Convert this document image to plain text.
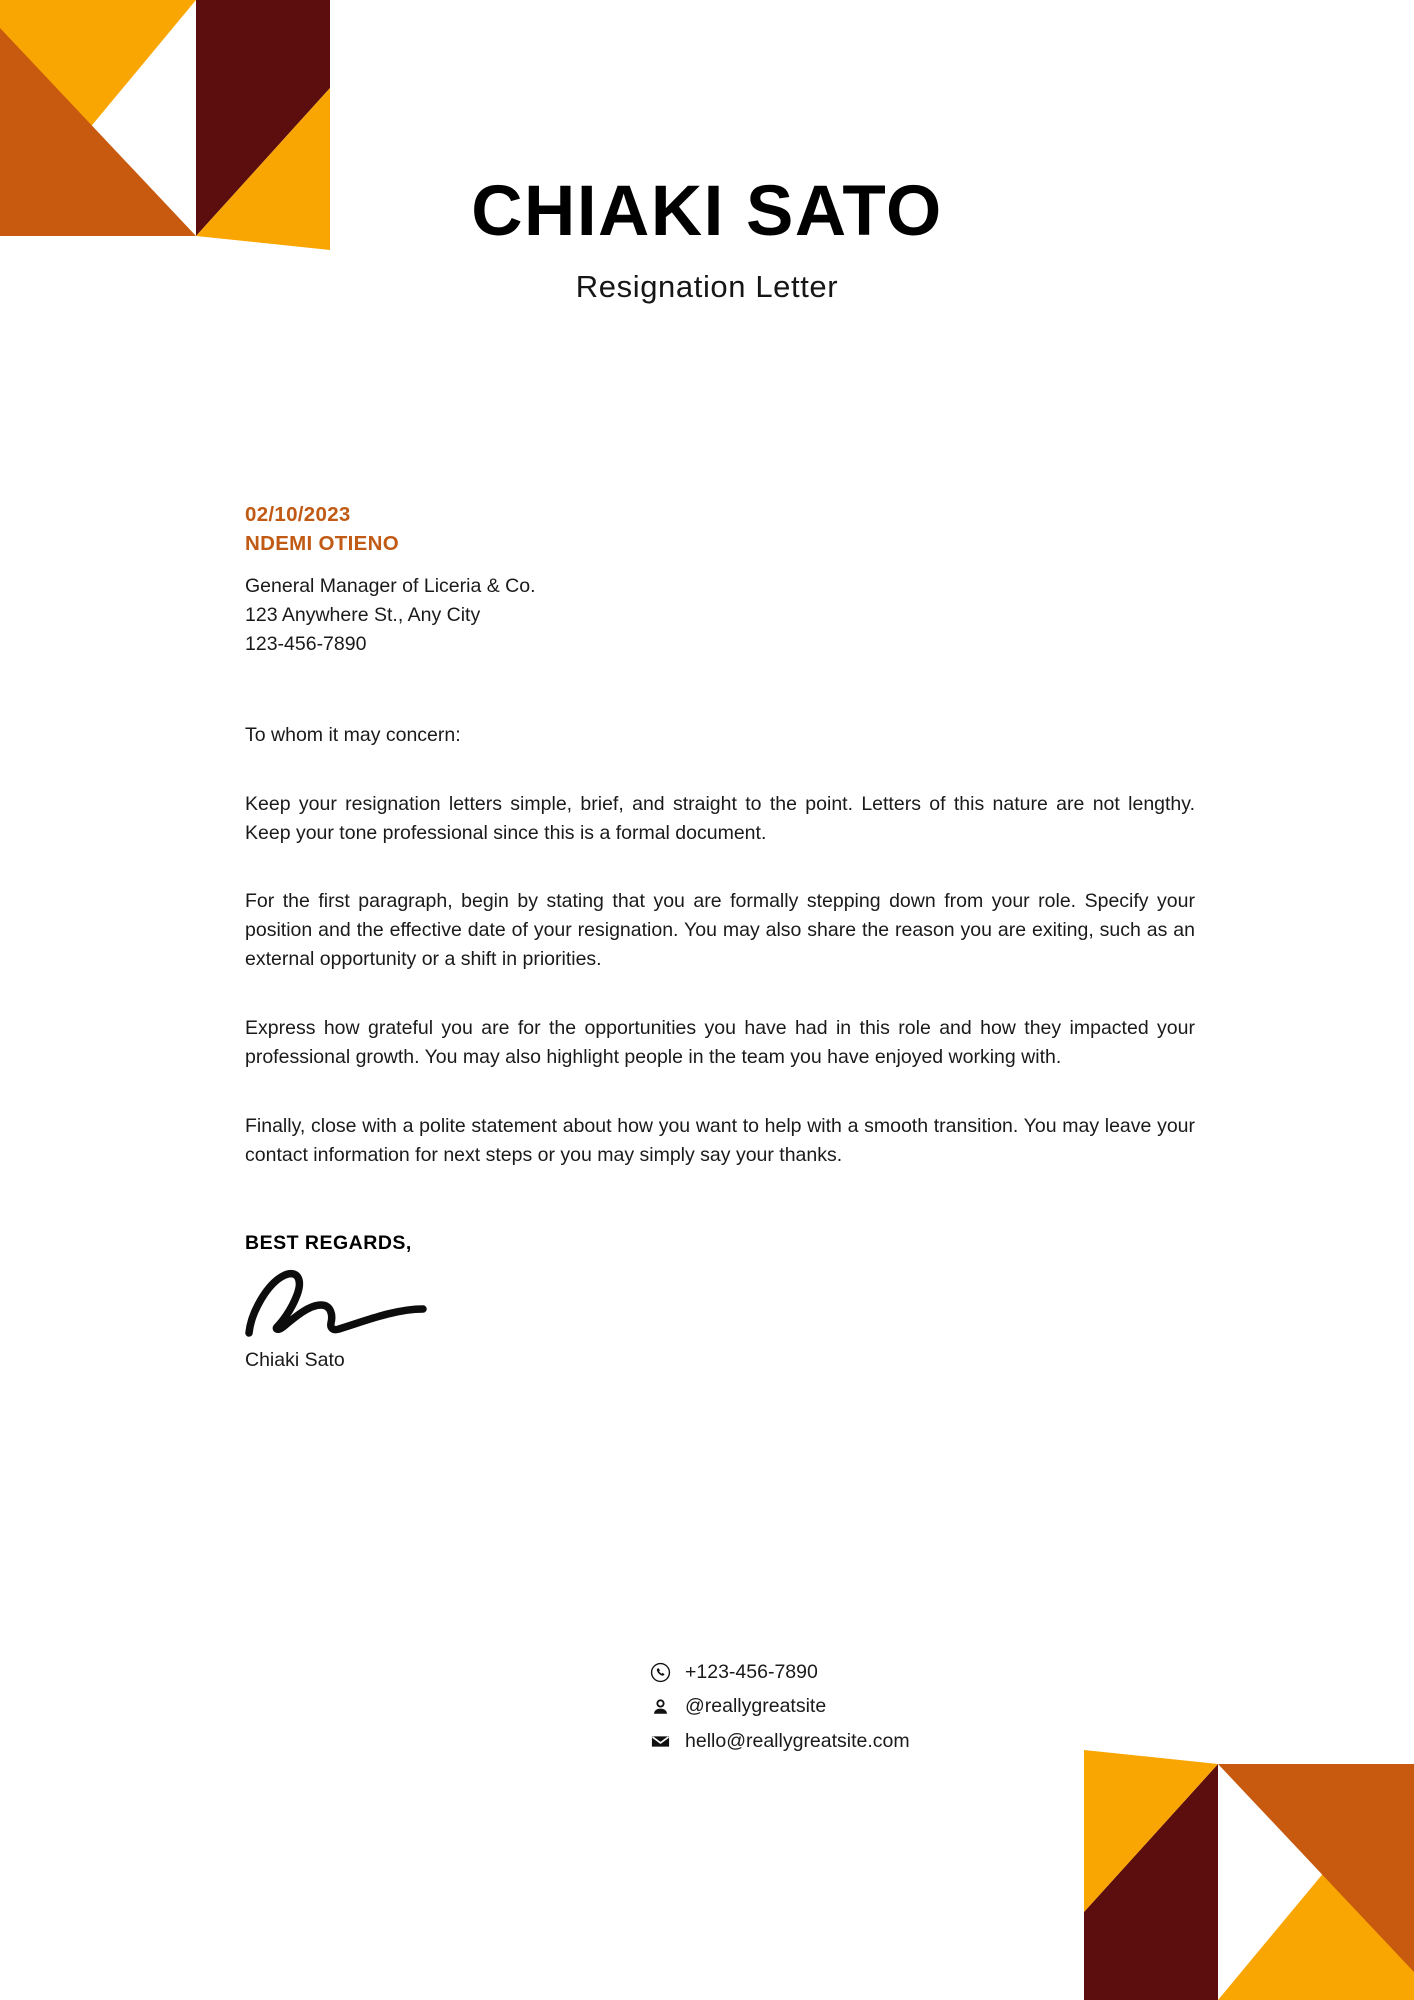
CHIAKI SATO

Resignation Letter

02/10/2023

NDEMI OTIENO

General Manager of Liceria & Co.

123 Anywhere St., Any City

123-456-7890

To whom it may concern:

Keep your resignation letters simple, brief, and straight to the point. Letters of this nature are not lengthy. Keep your tone professional since this is a formal document.

For the first paragraph, begin by stating that you are formally stepping down from your role. Specify your position and the effective date of your resignation. You may also share the reason you are exiting, such as an external opportunity or a shift in priorities.

Express how grateful you are for the opportunities you have had in this role and how they impacted your professional growth. You may also highlight people in the team you have enjoyed working with.

Finally, close with a polite statement about how you want to help with a smooth transition. You may leave your contact information for next steps or you may simply say your thanks.

BEST REGARDS,

Chiaki Sato

+123-456-7890
@reallygreatsite
hello@reallygreatsite.com
